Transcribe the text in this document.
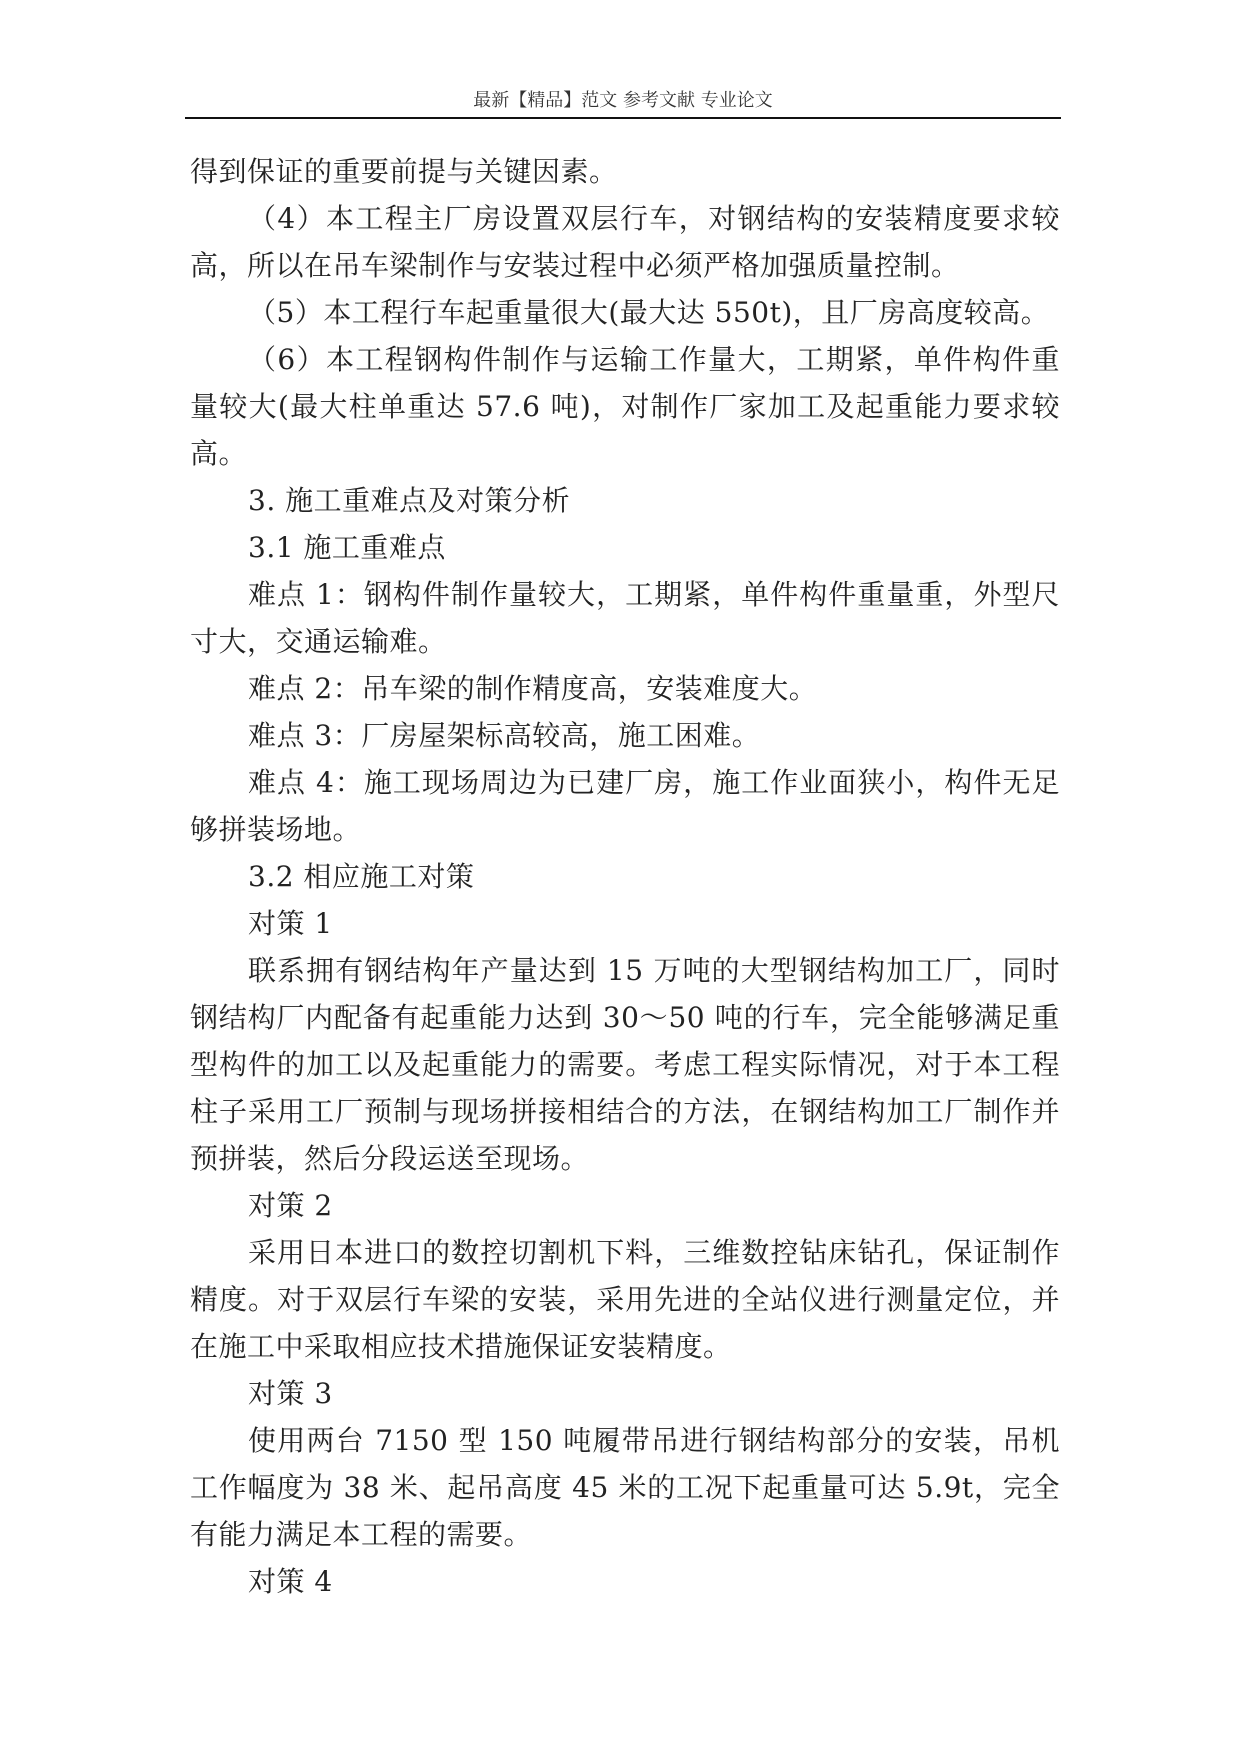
最新【精品】范文 参考文献 专业论文

得到保证的重要前提与关键因素。

（4）本工程主厂房设置双层行车，对钢结构的安装精度要求较高，所以在吊车梁制作与安装过程中必须严格加强质量控制。

（5）本工程行车起重量很大(最大达 550t)，且厂房高度较高。

（6）本工程钢构件制作与运输工作量大，工期紧，单件构件重量较大(最大柱单重达 57.6 吨)，对制作厂家加工及起重能力要求较高。

3. 施工重难点及对策分析

3.1 施工重难点

难点 1：钢构件制作量较大，工期紧，单件构件重量重，外型尺寸大，交通运输难。

难点 2：吊车梁的制作精度高，安装难度大。

难点 3：厂房屋架标高较高，施工困难。

难点 4：施工现场周边为已建厂房，施工作业面狭小，构件无足够拼装场地。

3.2 相应施工对策

对策 1

联系拥有钢结构年产量达到 15 万吨的大型钢结构加工厂，同时钢结构厂内配备有起重能力达到 30～50 吨的行车，完全能够满足重型构件的加工以及起重能力的需要。考虑工程实际情况，对于本工程柱子采用工厂预制与现场拼接相结合的方法，在钢结构加工厂制作并预拼装，然后分段运送至现场。

对策 2

采用日本进口的数控切割机下料，三维数控钻床钻孔，保证制作精度。对于双层行车梁的安装，采用先进的全站仪进行测量定位，并在施工中采取相应技术措施保证安装精度。

对策 3

使用两台 7150 型 150 吨履带吊进行钢结构部分的安装，吊机工作幅度为 38 米、起吊高度 45 米的工况下起重量可达 5.9t，完全有能力满足本工程的需要。

对策 4
